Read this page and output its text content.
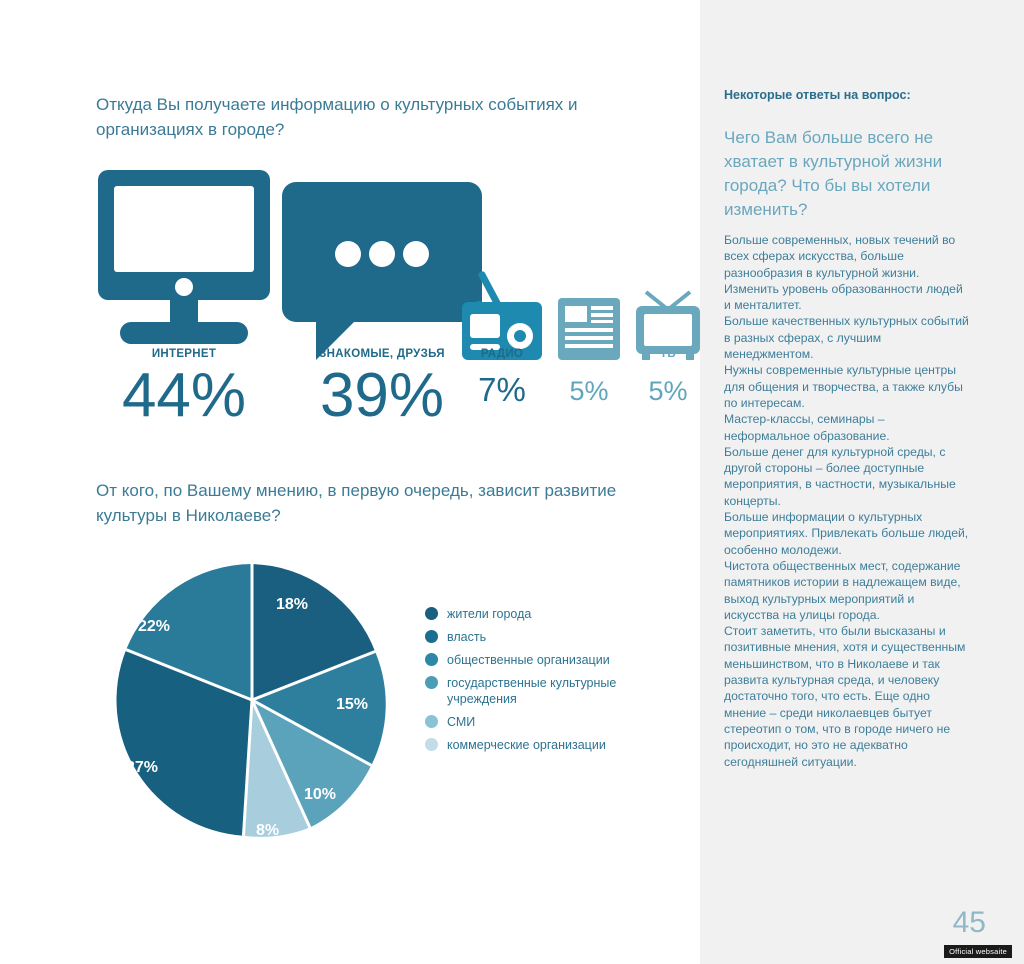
Откуда Вы получаете информацию о культурных событиях и организациях в городе?
ИНТЕРНЕТ	ЗНАКОМЫЕ, ДРУЗЬЯ	РАДИО	ПРЕССА	ТВ
44%	39%	7%	5%	5%
От кого, по Вашему мнению, в первую очередь, зависит развитие культуры в Николаеве?
18%
15%
10%
8%
27%
22%
жители города
власть
общественные организации
государственные культурные учреждения
СМИ
коммерческие организации
Некоторые ответы на вопрос:
Чего Вам больше всего не хватает в культурной жизни города? Что бы вы хотели изменить?

Больше современных, новых течений во всех сферах искусства, больше разнообразия в культурной жизни.

Изменить уровень образованности людей и менталитет.

Больше качественных культурных событий в разных сферах, с лучшим менеджментом.

Нужны современные культурные центры для общения и творчества, а также клубы по интересам.

Мастер-классы, семинары – неформальное образование.

Больше денег для культурной среды, с другой стороны – более доступные мероприятия, в частности, музыкальные концерты.

Больше информации о культурных мероприятиях. Привлекать больше людей, особенно молодежи.

Чистота общественных мест, содержание памятников истории в надлежащем виде, выход культурных мероприятий и искусства на улицы города.

Стоит заметить, что были высказаны и позитивные мнения, хотя и существенным меньшинством, что в Николаеве и так развита культурная среда, и человеку достаточно того, что есть. Еще одно мнение – среди николаевцев бытует стереотип о том, что в городе ничего не происходит, но это не адекватно сегодняшней ситуации.

45
Official websaite
